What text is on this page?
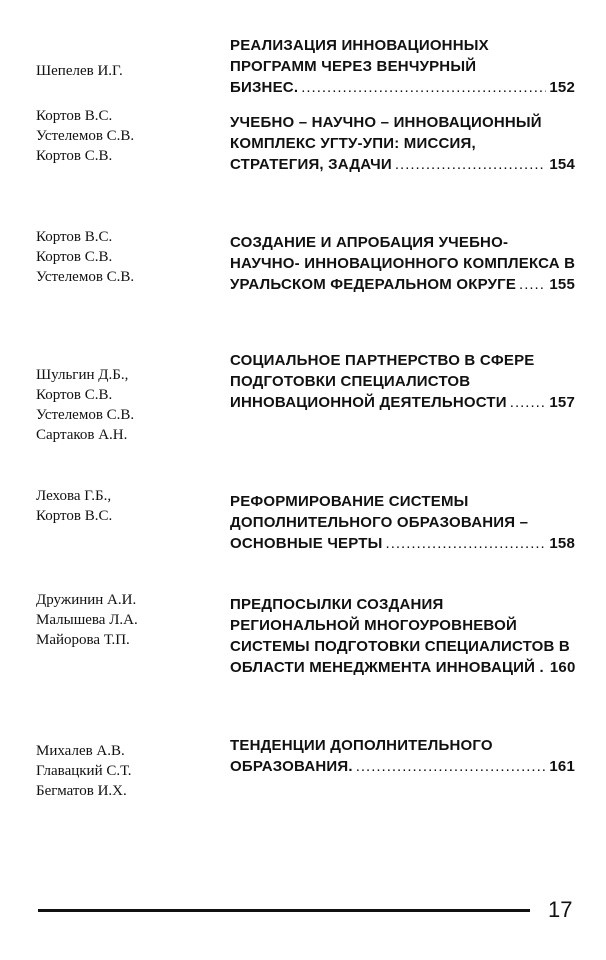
Шепелев И.Г.
РЕАЛИЗАЦИЯ ИННОВАЦИОННЫХ
ПРОГРАММ ЧЕРЕЗ ВЕНЧУРНЫЙ
БИЗНЕС. .....	152
Кортов В.С.
Устелемов С.В.
Кортов С.В.
УЧЕБНО – НАУЧНО – ИННОВАЦИОННЫЙ
КОМПЛЕКС УГТУ-УПИ: МИССИЯ,
СТРАТЕГИЯ, ЗАДАЧИ .....	154
Кортов В.С.
Кортов С.В.
Устелемов С.В.
СОЗДАНИЕ И АПРОБАЦИЯ УЧЕБНО-
НАУЧНО- ИННОВАЦИОННОГО КОМПЛЕКСА В
УРАЛЬСКОМ ФЕДЕРАЛЬНОМ ОКРУГЕ ..... 155
Шульгин Д.Б.,
Кортов С.В.
Устелемов С.В.
Сартаков А.Н.
СОЦИАЛЬНОЕ ПАРТНЕРСТВО В СФЕРЕ
ПОДГОТОВКИ СПЕЦИАЛИСТОВ
ИННОВАЦИОННОЙ ДЕЯТЕЛЬНОСТИ .....	157
Лехова Г.Б.,
Кортов В.С.
РЕФОРМИРОВАНИЕ СИСТЕМЫ
ДОПОЛНИТЕЛЬНОГО ОБРАЗОВАНИЯ –
ОСНОВНЫЕ ЧЕРТЫ .....	158
Дружинин А.И.
Малышева Л.А.
Майорова Т.П.
ПРЕДПОСЫЛКИ СОЗДАНИЯ
РЕГИОНАЛЬНОЙ МНОГОУРОВНЕВОЙ
СИСТЕМЫ ПОДГОТОВКИ СПЕЦИАЛИСТОВ В
ОБЛАСТИ МЕНЕДЖМЕНТА ИННОВАЦИЙ . 160
Михалев А.В.
Главацкий С.Т.
Бегматов И.Х.
ТЕНДЕНЦИИ ДОПОЛНИТЕЛЬНОГО
ОБРАЗОВАНИЯ. .....	161
17
